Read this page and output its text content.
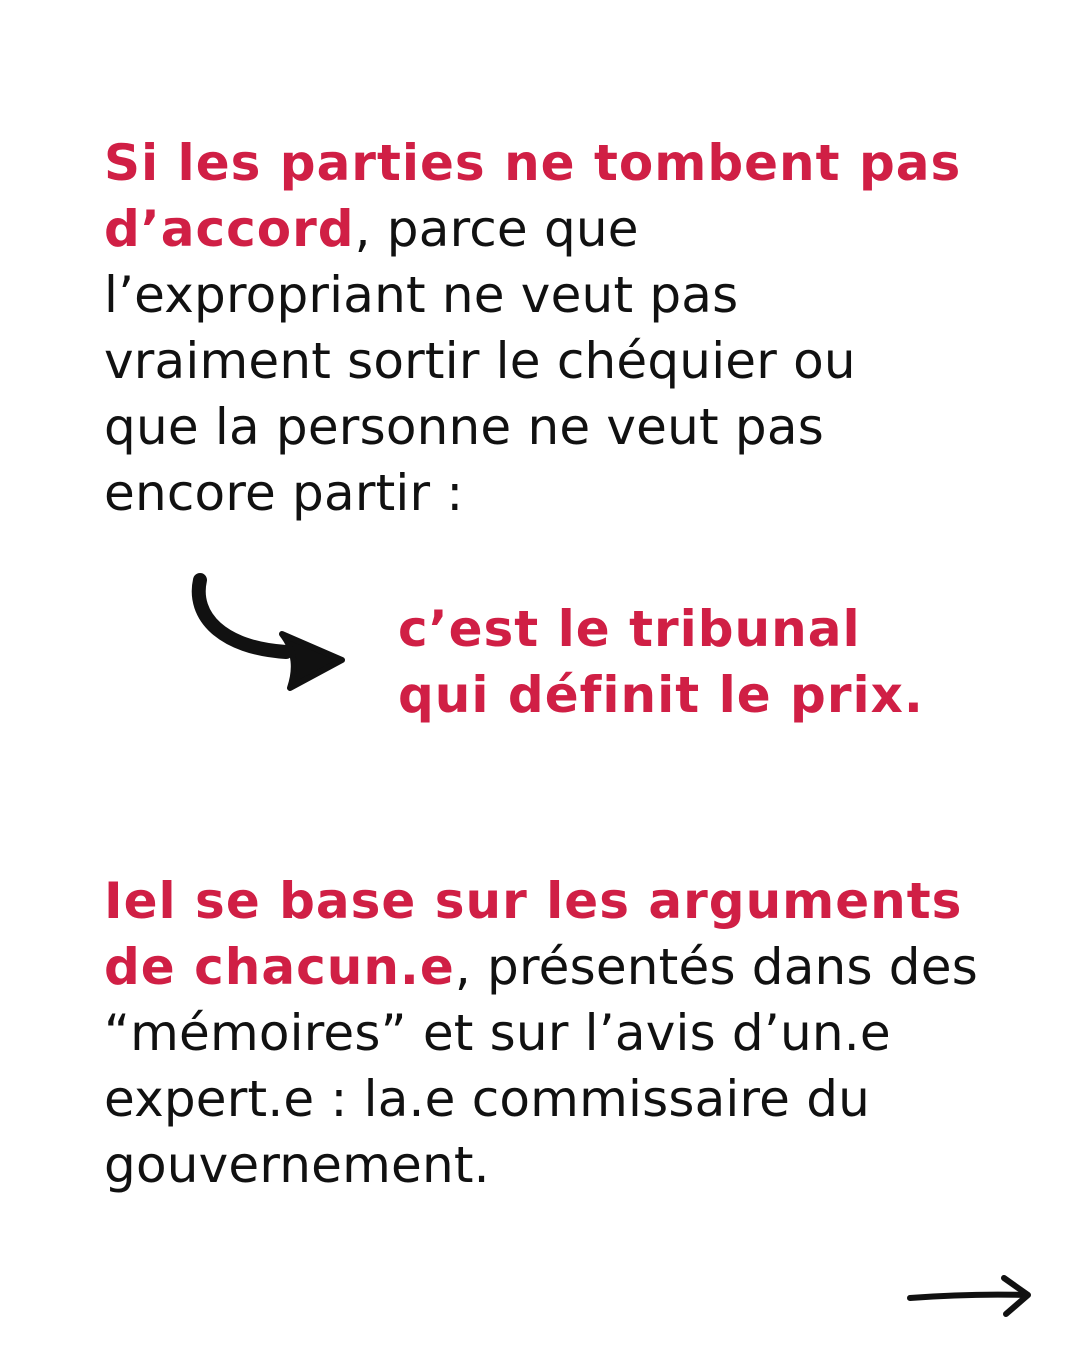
Si les parties ne tombent pas d’accord, parce que l’expropriant ne veut pas vraiment sortir le chéquier ou que la personne ne veut pas encore partir :

c’est le tribunal
qui définit le prix.

Iel se base sur les arguments de chacun.e, présentés dans des “mémoires” et sur l’avis d’un.e expert.e : la.e commissaire du gouvernement.
